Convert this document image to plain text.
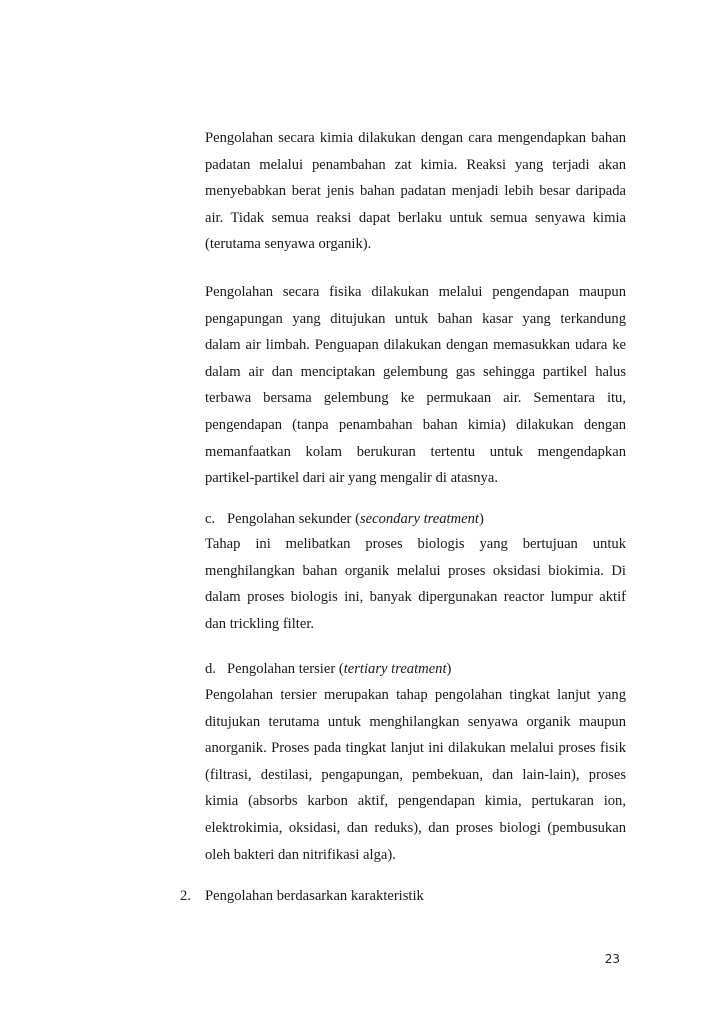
Pengolahan secara kimia dilakukan dengan cara mengendapkan bahan
padatan melalui penambahan zat kimia. Reaksi yang terjadi akan
menyebabkan berat jenis bahan padatan menjadi lebih besar daripada
air. Tidak semua reaksi dapat berlaku untuk semua senyawa kimia
(terutama senyawa organik).
Pengolahan secara fisika dilakukan melalui pengendapan maupun
pengapungan yang ditujukan untuk bahan kasar yang terkandung
dalam air limbah. Penguapan dilakukan dengan memasukkan udara ke
dalam air dan menciptakan gelembung gas sehingga partikel halus
terbawa bersama gelembung ke permukaan air. Sementara itu,
pengendapan (tanpa penambahan bahan kimia) dilakukan dengan
memanfaatkan kolam berukuran tertentu untuk mengendapkan
partikel-partikel dari air yang mengalir di atasnya.

c. Pengolahan sekunder (secondary treatment)

Tahap ini melibatkan proses biologis yang bertujuan untuk
menghilangkan bahan organik melalui proses oksidasi biokimia. Di
dalam proses biologis ini, banyak dipergunakan reactor lumpur aktif
dan trickling filter.

d. Pengolahan tersier (tertiary treatment)

Pengolahan tersier merupakan tahap pengolahan tingkat lanjut yang
ditujukan terutama untuk menghilangkan senyawa organik maupun
anorganik. Proses pada tingkat lanjut ini dilakukan melalui proses fisik
(filtrasi, destilasi, pengapungan, pembekuan, dan lain-lain), proses
kimia (absorbs karbon aktif, pengendapan kimia, pertukaran ion,
elektrokimia, oksidasi, dan reduks), dan proses biologi (pembusukan
oleh bakteri dan nitrifikasi alga).

2. Pengolahan berdasarkan karakteristik

23
